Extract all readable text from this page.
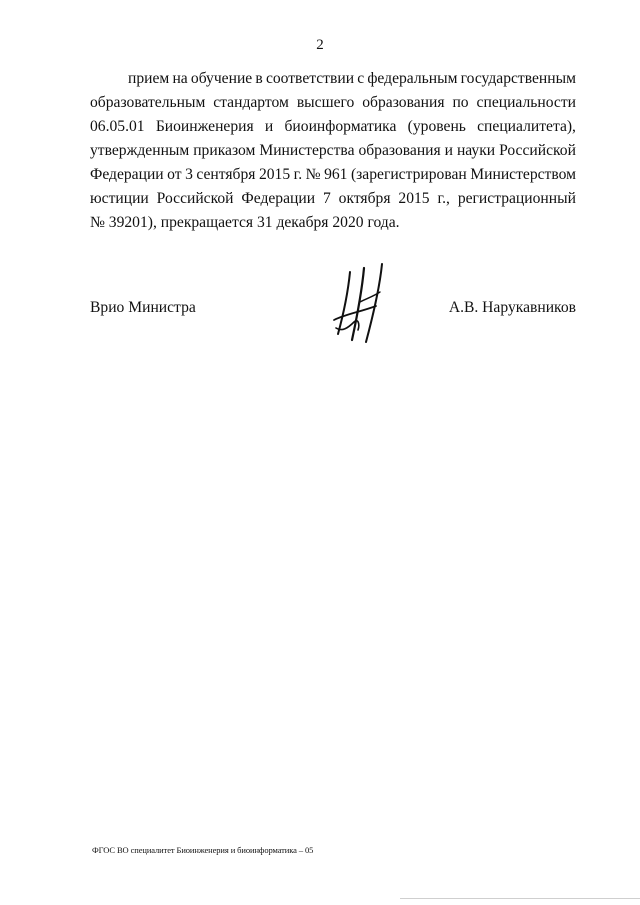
2
прием на обучение в соответствии с федеральным государственным
образовательным стандартом высшего образования по специальности
06.05.01 Биоинженерия и биоинформатика (уровень специалитета),
утвержденным приказом Министерства образования и науки Российской
Федерации от 3 сентября 2015 г. № 961 (зарегистрирован Министерством
юстиции Российской Федерации 7 октября 2015 г., регистрационный
№ 39201), прекращается 31 декабря 2020 года.
Врио Министра	А.В. Нарукавников
ФГОС ВО специалитет Биоинженерия и биоинформатика – 05
